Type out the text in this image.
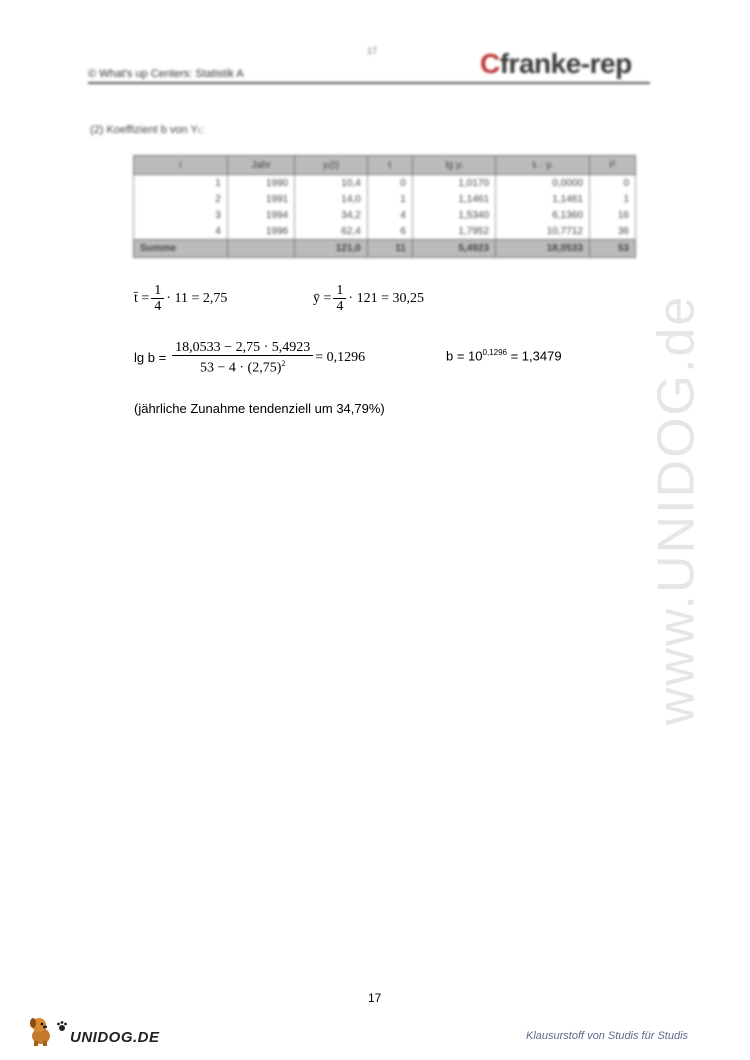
17
© What's up Centers: Statistik A	Cfranke-rep
(2) Koeffizient b von Yₜ:
i	Jahr	yᵢ(t)	t	lg yᵢ	tᵢ · yᵢ	t²
1	1990	10,4	0	1,0170	0,0000	0
2	1991	14,0	1	1,1461	1,1461	1
3	1994	34,2	4	1,5340	6,1360	16
4	1996	62,4	6	1,7952	10,7712	36
Summe		121,0	11	5,4923	18,0533	53
t̄ = $\frac{1}{4} \cdot 11 = 2,75$	ȳ = $\frac{1}{4} \cdot 121 = 30,25$
$\lg b = \frac{18,0533 - 2,75 \cdot 5,4923}{53 - 4 \cdot (2,75)^2} = 0,1296$	$b = 10^{0,1296} = 1,3479$
(jährliche Zunahme tendenziell um 34,79%)	www.UNIDOG.de
17
UNIDOG.DE	Klausurstoff von Studis für Studis
